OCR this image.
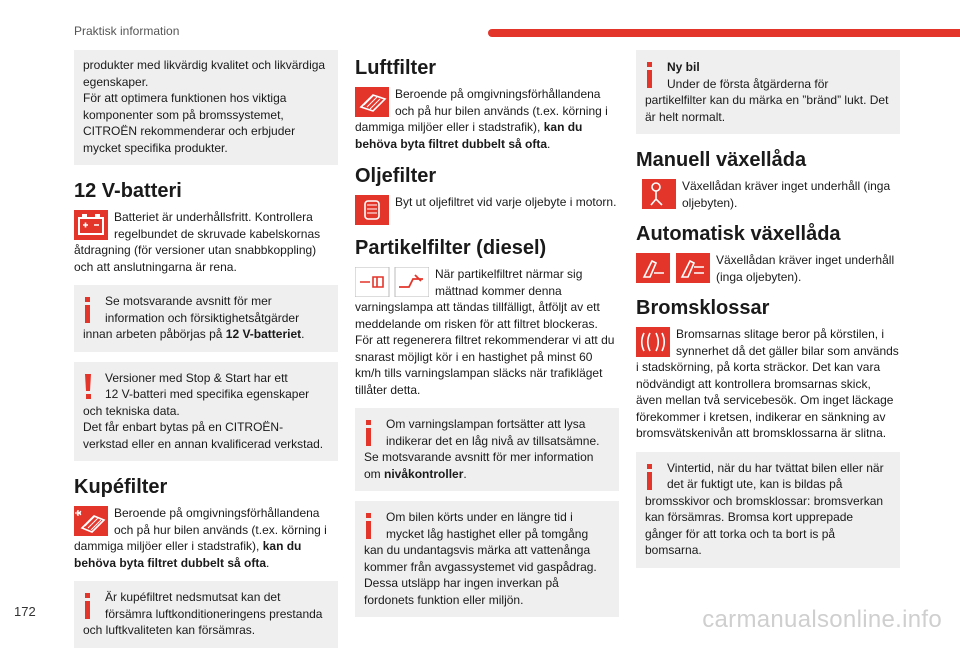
Praktisk information
produkter med likvärdig kvalitet och likvärdiga
egenskaper.
För att optimera funktionen hos viktiga
komponenter som på bromssystemet,
CITROËN rekommenderar och erbjuder
mycket specifika produkter.
12 V-batteri
Batteriet är underhållsfritt. Kontrollera regelbundet de skruvade kabelskornas åtdragning (för versioner utan snabbkoppling) och att anslutningarna är rena.
Se motsvarande avsnitt för mer
information och försiktighetsåtgärder
innan arbeten påbörjas på 12 V-batteriet.
Versioner med Stop & Start har ett
12 V-batteri med specifika egenskaper
och tekniska data.
Det får enbart bytas på en CITROËN-
verkstad eller en annan kvalificerad verkstad.
Kupéfilter
Beroende på omgivningsförhållandena och på hur bilen används (t.ex. körning i dammiga miljöer eller i stadstrafik), kan du behöva byta filtret dubbelt så ofta.
Är kupéfiltret nedsmutsat kan det
försämra luftkonditioneringens prestanda
och luftkvaliteten kan försämras.
Luftfilter
Beroende på omgivningsförhållandena och på hur bilen används (t.ex. körning i dammiga miljöer eller i stadstrafik), kan du behöva byta filtret dubbelt så ofta.
Oljefilter
Byt ut oljefiltret vid varje oljebyte i motorn.
Partikelfilter (diesel)
När partikelfiltret närmar sig mättnad kommer denna varningslampa att tändas tillfälligt, åtföljt av ett meddelande om risken för att filtret blockeras. För att regenerera filtret rekommenderar vi att du snarast möjligt kör i en hastighet på minst 60 km/h tills varningslampan släcks när trafikläget tillåter detta.
Om varningslampan fortsätter att lysa
indikerar det en låg nivå av tillsatsämne.
Se motsvarande avsnitt för mer information
om nivåkontroller.
Om bilen körts under en längre tid i
mycket låg hastighet eller på tomgång
kan du undantagsvis märka att vattenånga
kommer från avgassystemet vid gaspådrag.
Dessa utsläpp har ingen inverkan på
fordonets funktion eller miljön.
Ny bil
Under de första åtgärderna för
partikelfilter kan du märka en ”bränd” lukt. Det
är helt normalt.
Manuell växellåda
Växellådan kräver inget underhåll (inga oljebyten).
Automatisk växellåda
Växellådan kräver inget underhåll (inga oljebyten).
Bromsklossar
Bromsarnas slitage beror på körstilen, i synnerhet då det gäller bilar som används i stadskörning, på korta sträckor. Det kan vara nödvändigt att kontrollera bromsarnas skick, även mellan två servicebesök. Om inget läckage förekommer i kretsen, indikerar en sänkning av bromsvätskenivån att bromsklossarna är slitna.
Vintertid, när du har tvättat bilen eller när
det är fuktigt ute, kan is bildas på
bromsskivor och bromsklossar: bromsverkan
kan försämras. Bromsa kort upprepade
gånger för att torka och ta bort is på
bomsarna.
172	carmanualsonline.info
